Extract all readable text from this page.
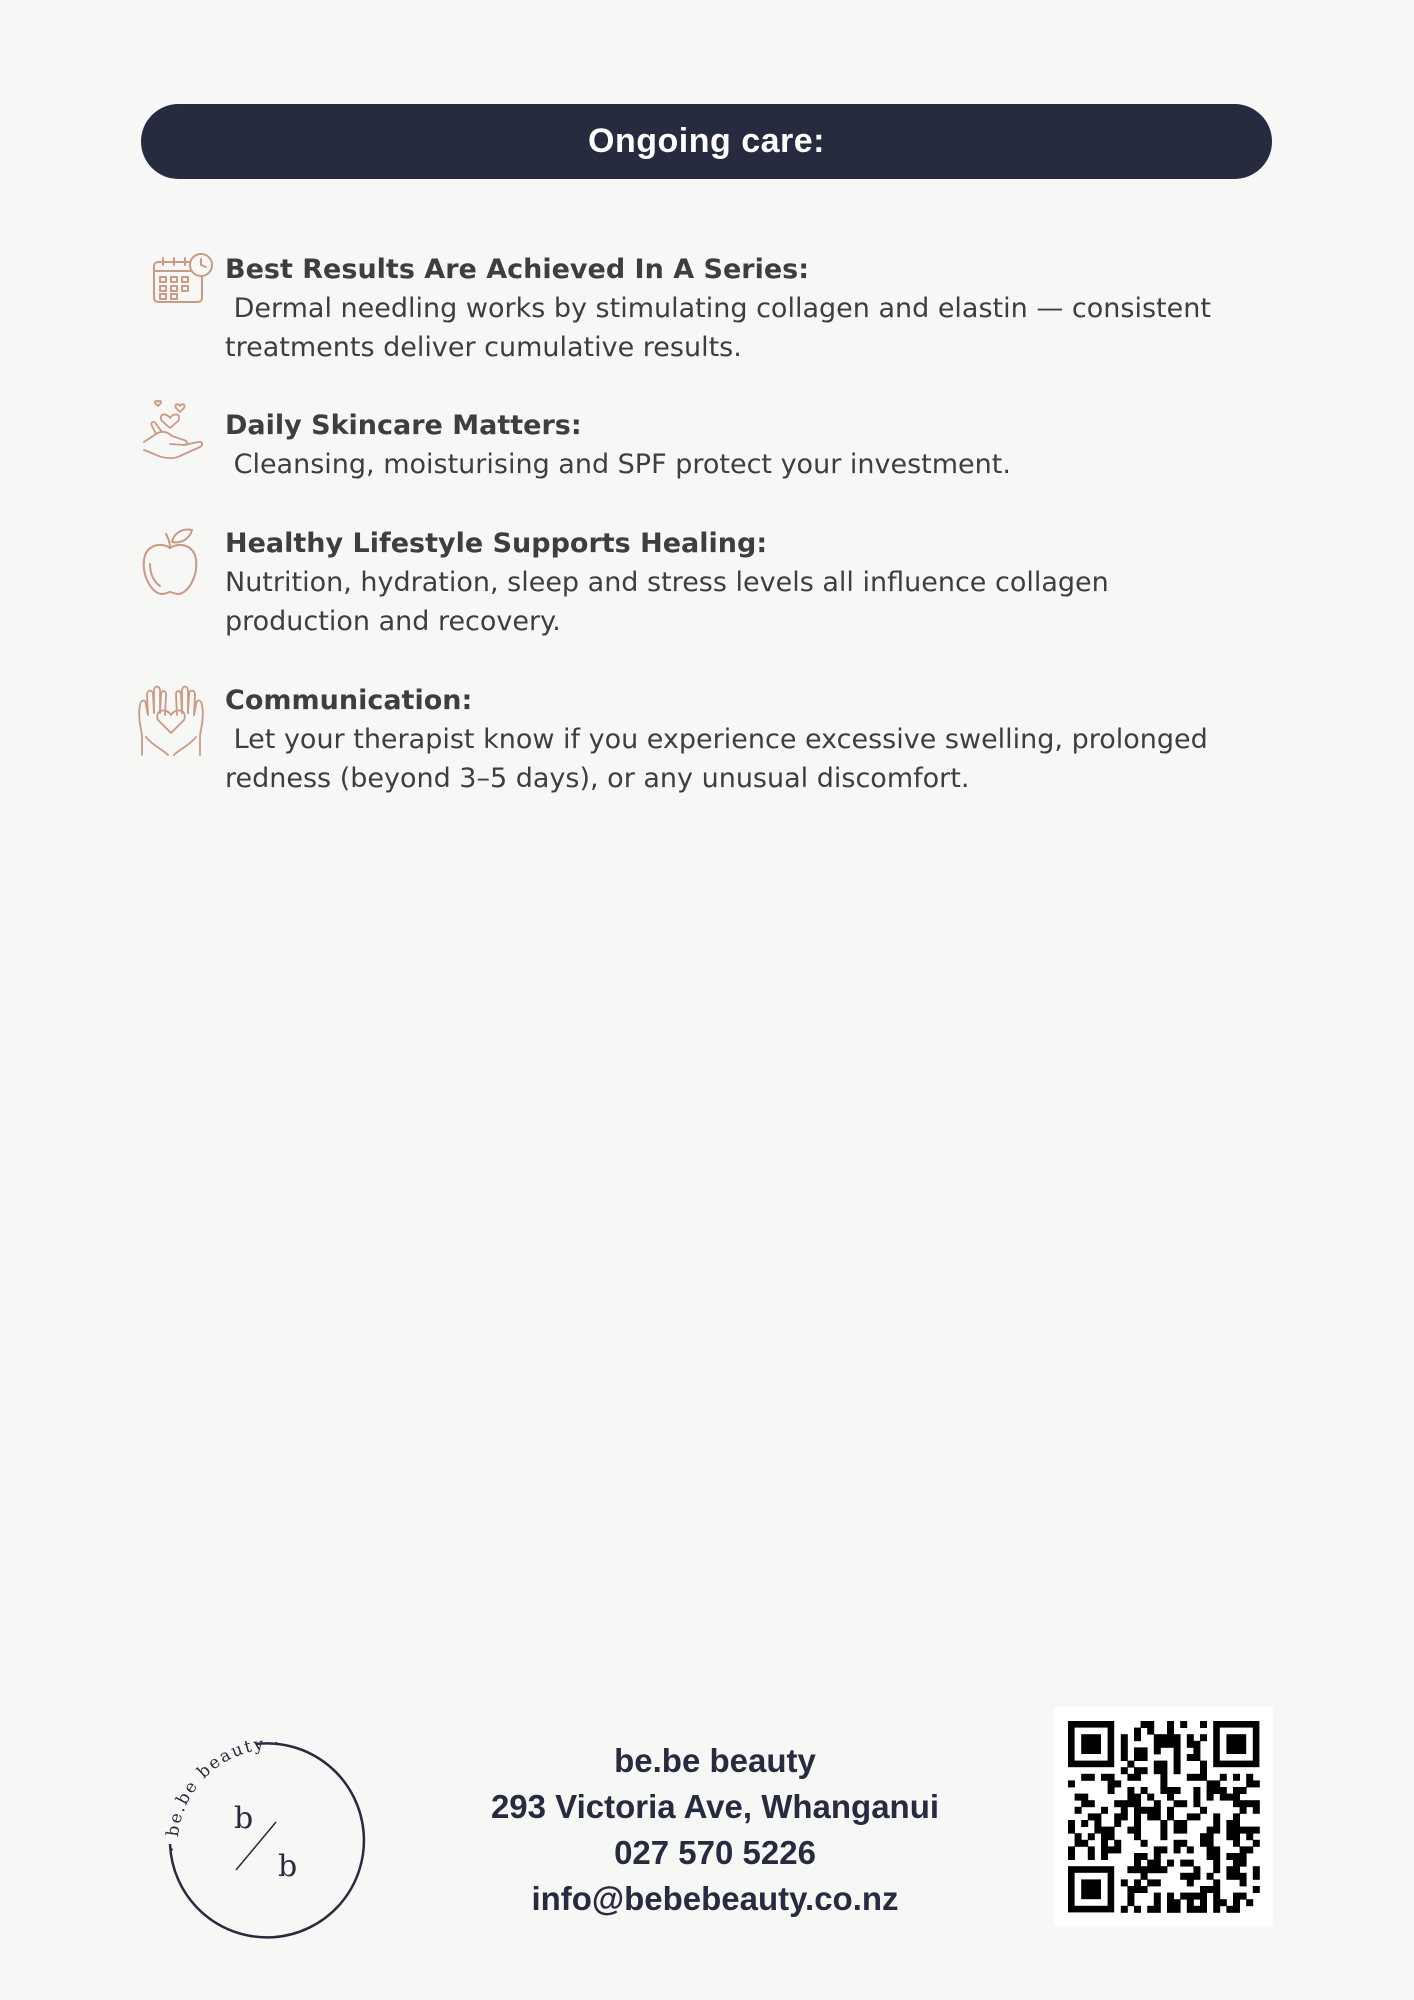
Ongoing care:
Best Results Are Achieved In A Series:
Dermal needling works by stimulating collagen and elastin — consistent
treatments deliver cumulative results.
Daily Skincare Matters:
Cleansing, moisturising and SPF protect your investment.
Healthy Lifestyle Supports Healing:
Nutrition, hydration, sleep and stress levels all influence collagen
production and recovery.
Communication:
Let your therapist know if you experience excessive swelling, prolonged
redness (beyond 3–5 days), or any unusual discomfort.
· be.be beauty ·
b
b
be.be beauty
293 Victoria Ave, Whanganui
027 570 5226
info@bebebeauty.co.nz
